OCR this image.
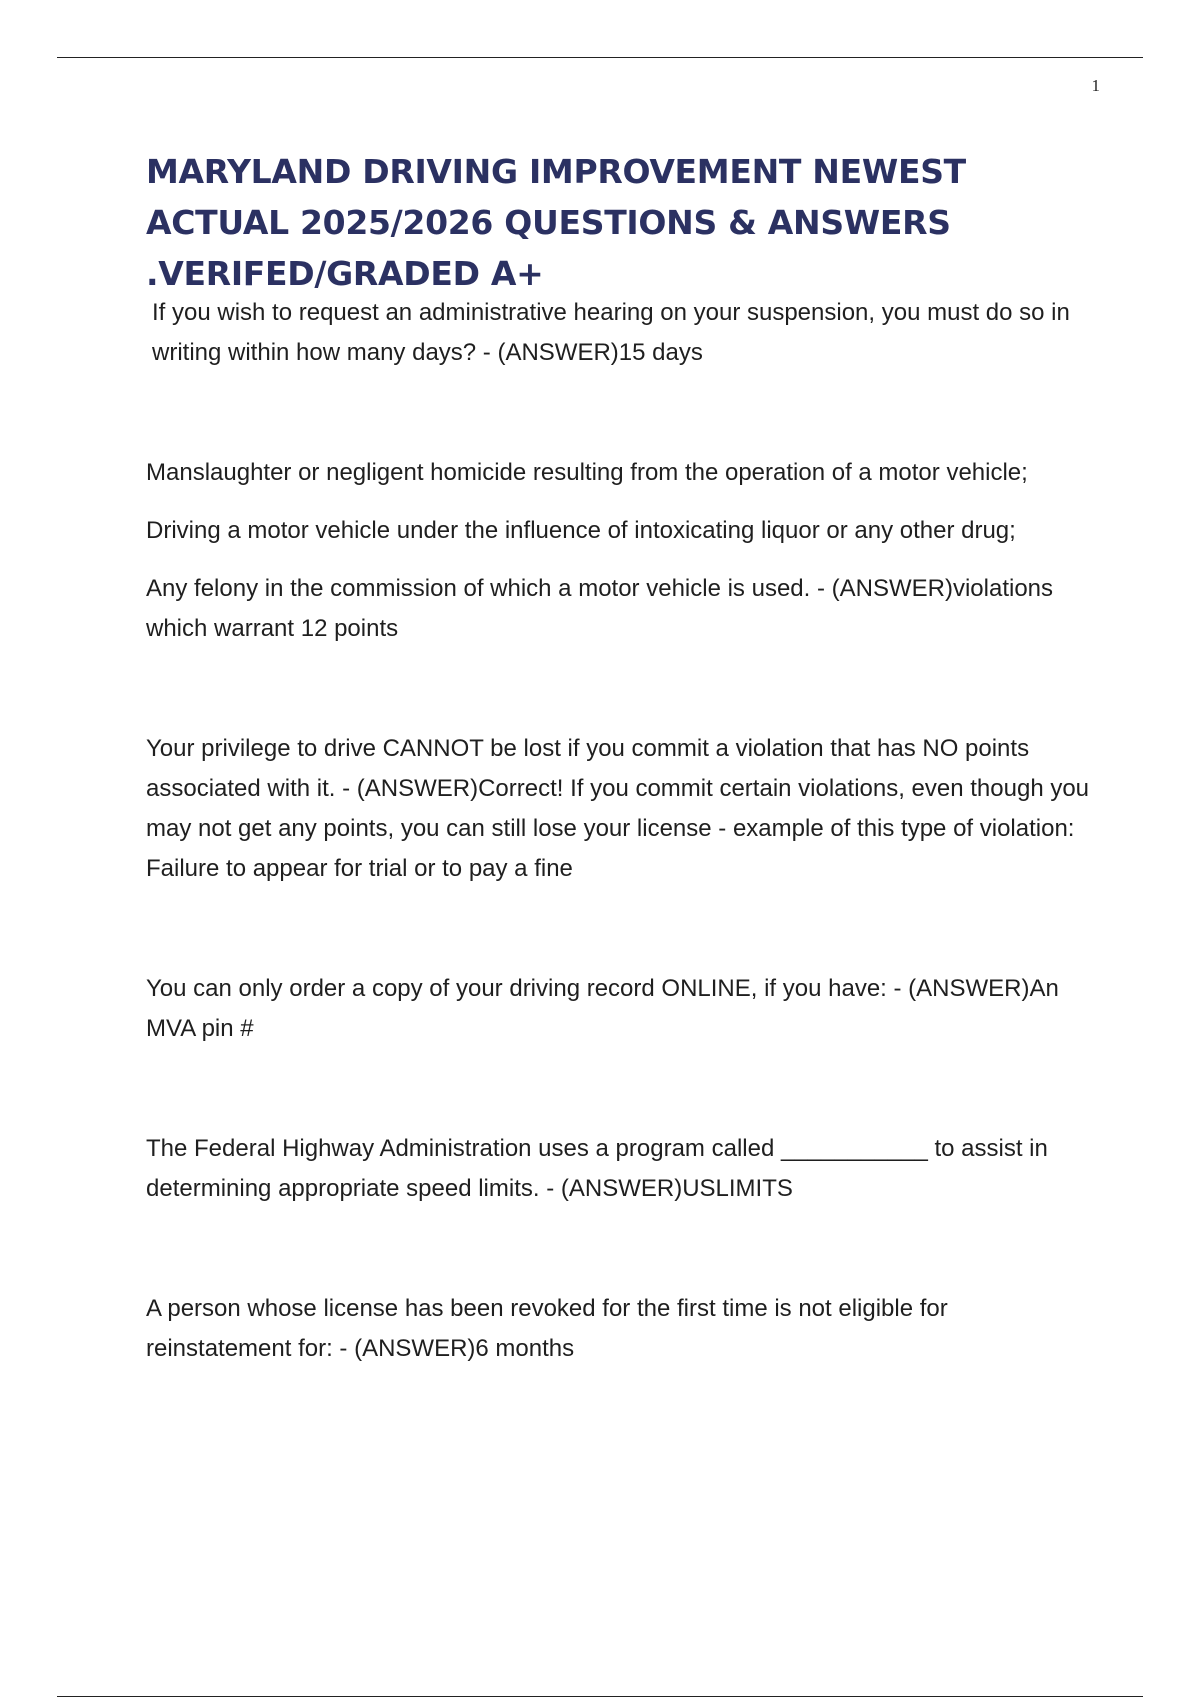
1
MARYLAND DRIVING IMPROVEMENT NEWEST
ACTUAL 2025/2026 QUESTIONS & ANSWERS
.VERIFED/GRADED A+

If you wish to request an administrative hearing on your suspension, you must do so in writing within how many days? - (ANSWER)15 days

Manslaughter or negligent homicide resulting from the operation of a motor vehicle;

Driving a motor vehicle under the influence of intoxicating liquor or any other drug;

Any felony in the commission of which a motor vehicle is used. - (ANSWER)violations which warrant 12 points

Your privilege to drive CANNOT be lost if you commit a violation that has NO points associated with it. - (ANSWER)Correct! If you commit certain violations, even though you may not get any points, you can still lose your license - example of this type of violation: Failure to appear for trial or to pay a fine

You can only order a copy of your driving record ONLINE, if you have: - (ANSWER)An MVA pin #

The Federal Highway Administration uses a program called ___________ to assist in determining appropriate speed limits. - (ANSWER)USLIMITS

A person whose license has been revoked for the first time is not eligible for reinstatement for: - (ANSWER)6 months
